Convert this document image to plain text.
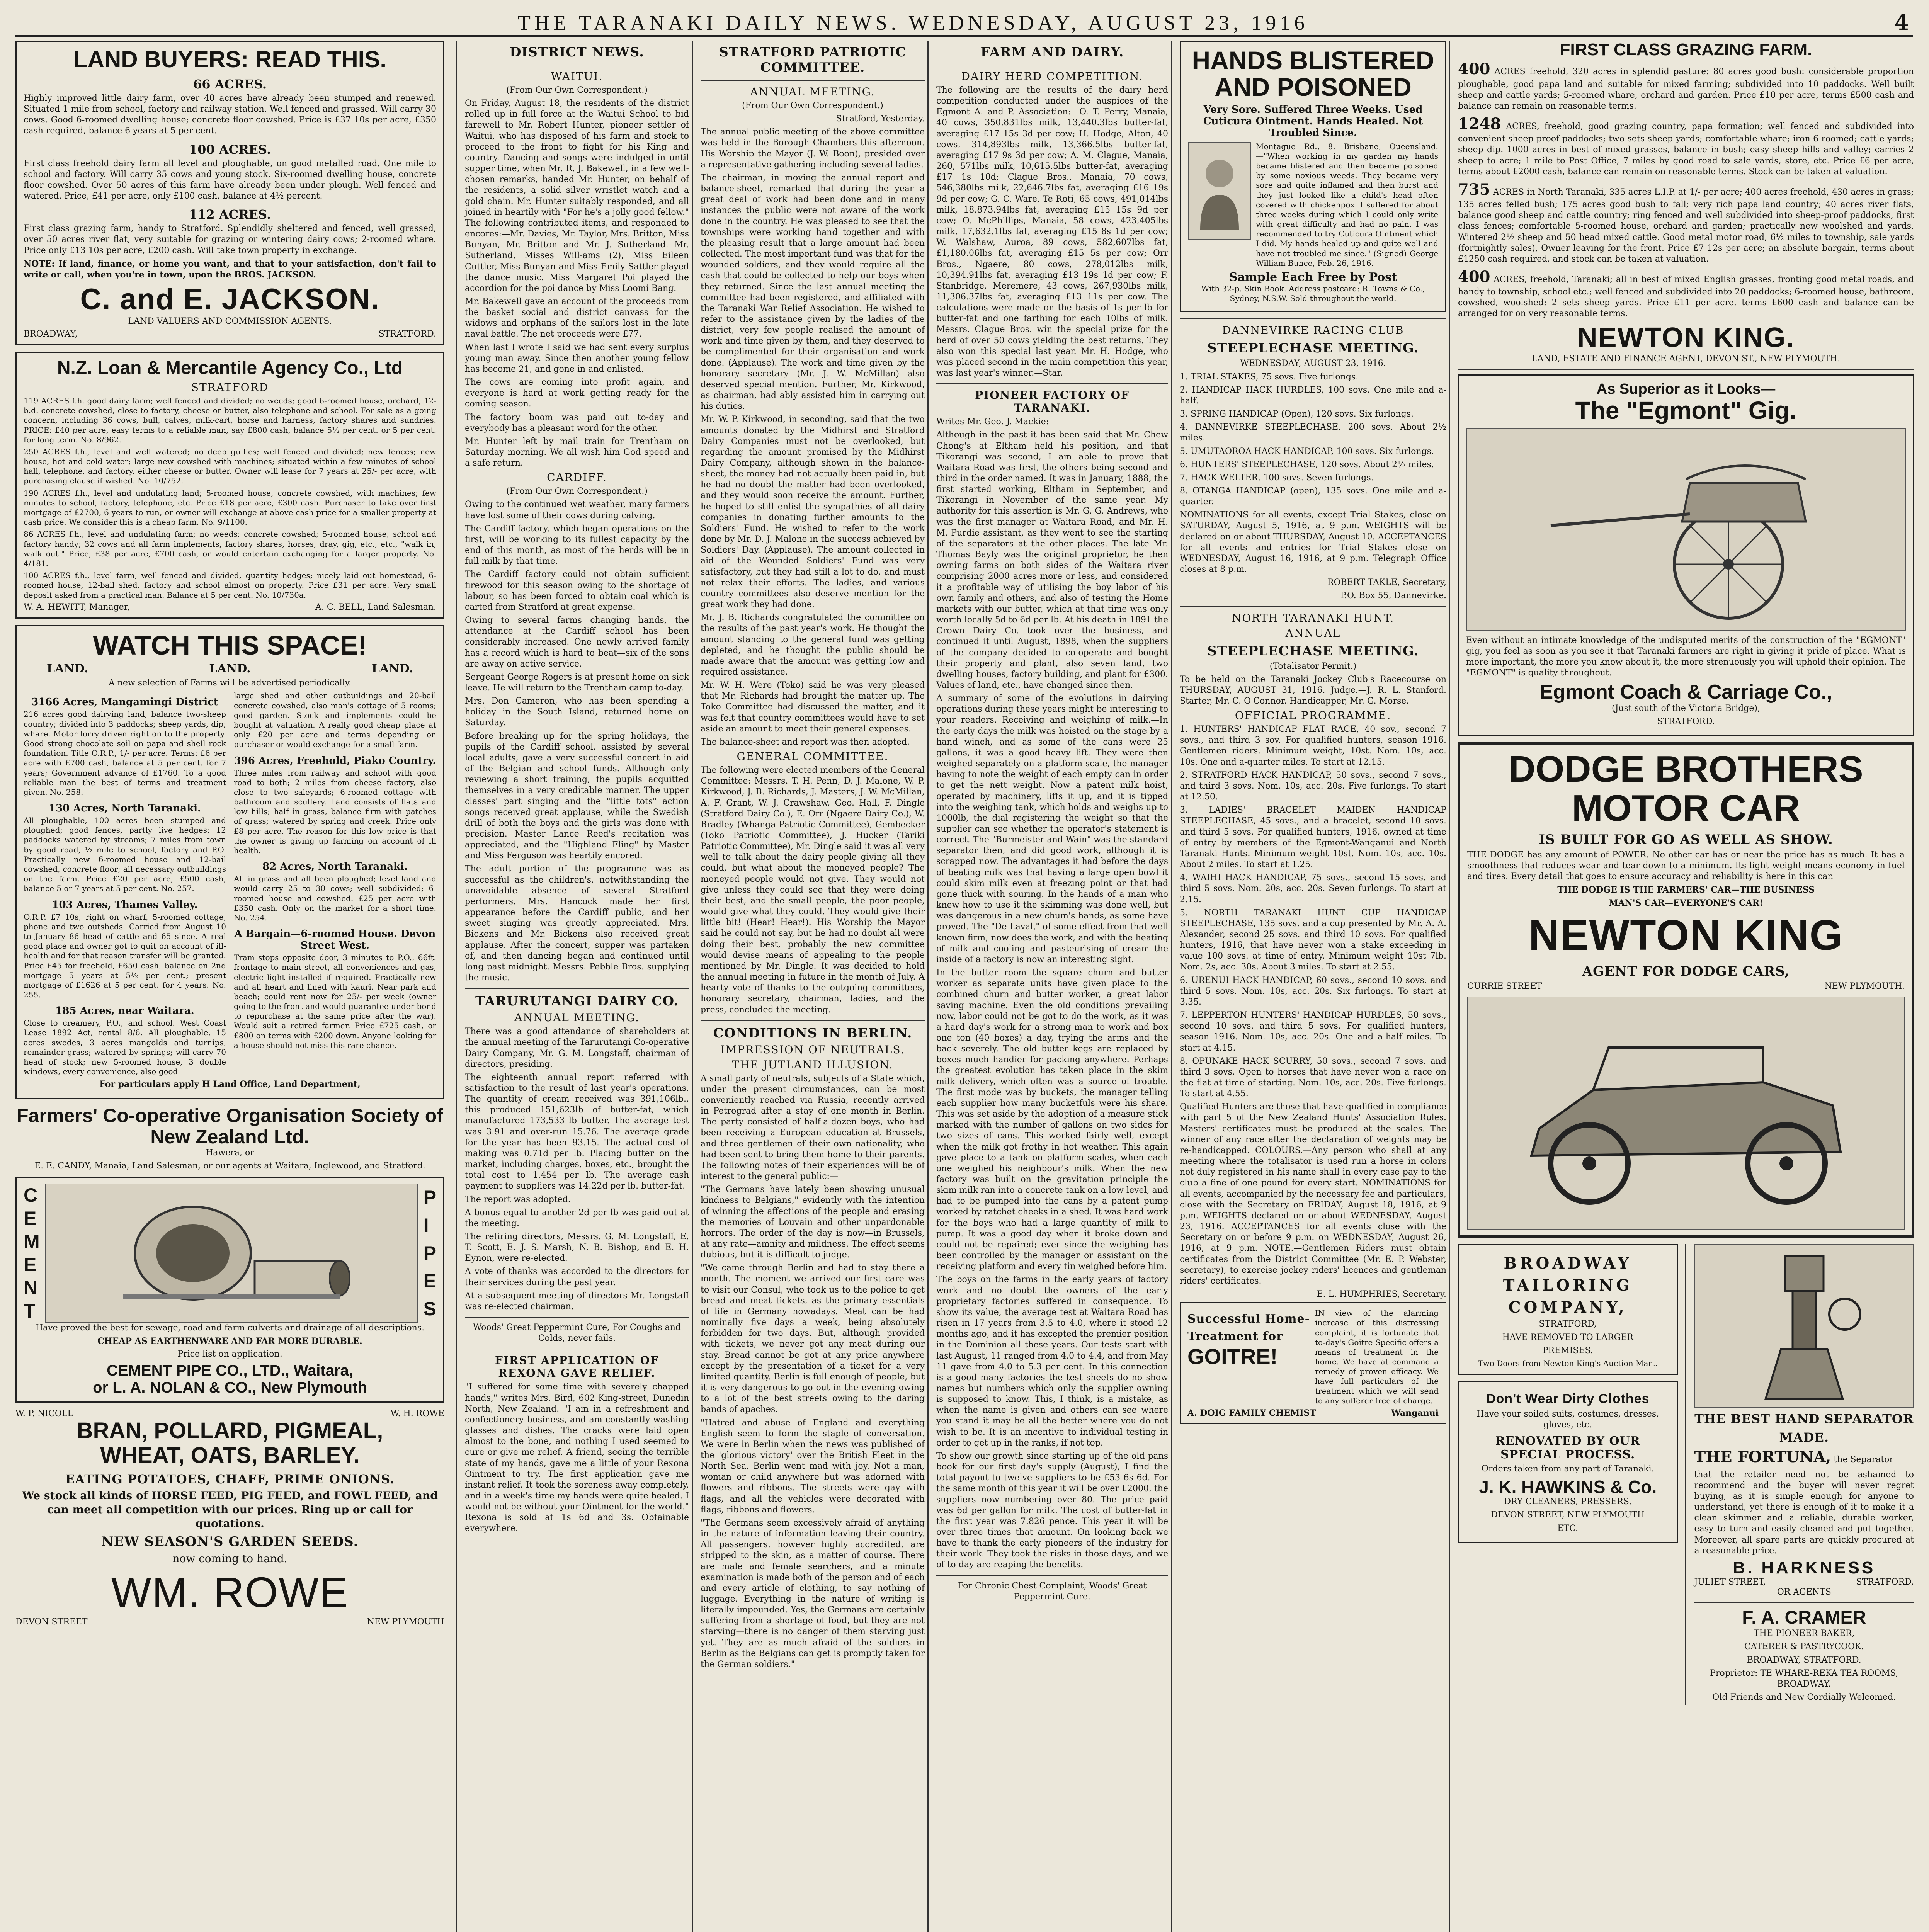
THE TARANAKI DAILY NEWS. WEDNESDAY, AUGUST 23, 1916	4
LAND BUYERS: READ THIS.
66 ACRES.

Highly improved little dairy farm, over 40 acres have already been stumped and renewed. Situated 1 mile from school, factory and railway station. Well fenced and grassed. Will carry 30 cows. Good 6-roomed dwelling house; concrete floor cowshed. Price is £37 10s per acre, £350 cash required, balance 6 years at 5 per cent.

100 ACRES.

First class freehold dairy farm all level and ploughable, on good metalled road. One mile to school and factory. Will carry 35 cows and young stock. Six-roomed dwelling house, concrete floor cowshed. Over 50 acres of this farm have already been under plough. Well fenced and watered. Price, £41 per acre, only £100 cash, balance at 4½ percent.

112 ACRES.

First class grazing farm, handy to Stratford. Splendidly sheltered and fenced, well grassed, over 50 acres river flat, very suitable for grazing or wintering dairy cows; 2-roomed whare. Price only £13 10s per acre, £200 cash. Will take town property in exchange.

NOTE: If land, finance, or home you want, and that to your satisfaction, don't fail to write or call, when you're in town, upon the BROS. JACKSON.

C. and E. JACKSON.
LAND VALUERS AND COMMISSION AGENTS.
BROADWAY,	STRATFORD.
N.Z. Loan & Mercantile Agency Co., Ltd
STRATFORD

119 ACRES f.h. good dairy farm; well fenced and divided; no weeds; good 6-roomed house, orchard, 12-b.d. concrete cowshed, close to factory, cheese or butter, also telephone and school. For sale as a going concern, including 36 cows, bull, calves, milk-cart, horse and harness, factory shares and sundries. PRICE: £40 per acre, easy terms to a reliable man, say £800 cash, balance 5½ per cent. or 5 per cent. for long term. No. 8/962.

250 ACRES f.h., level and well watered; no deep gullies; well fenced and divided; new fences; new house, hot and cold water; large new cowshed with machines; situated within a few minutes of school hall, telephone, and factory, either cheese or butter. Owner will lease for 7 years at 25/- per acre, with purchasing clause if wished. No. 10/752.

190 ACRES f.h., level and undulating land; 5-roomed house, concrete cowshed, with machines; few minutes to school, factory, telephone, etc. Price £18 per acre, £300 cash. Purchaser to take over first mortgage of £2700, 6 years to run, or owner will exchange at above cash price for a smaller property at cash price. We consider this is a cheap farm. No. 9/1100.

86 ACRES f.h., level and undulating farm; no weeds; concrete cowshed; 5-roomed house; school and factory handy; 32 cows and all farm implements, factory shares, horses, dray, gig, etc., etc., "walk in, walk out." Price, £38 per acre, £700 cash, or would entertain exchanging for a larger property. No. 4/181.

100 ACRES f.h., level farm, well fenced and divided, quantity hedges; nicely laid out homestead, 6-roomed house, 12-bail shed, factory and school almost on property. Price £31 per acre. Very small deposit asked from a practical man. Balance at 5 per cent. No. 10/730a.

W. A. HEWITT, Manager,	A. C. BELL, Land Salesman.
WATCH THIS SPACE!
LAND.	LAND.	LAND.
A new selection of Farms will be advertised periodically.
3166 Acres, Mangamingi District

216 acres good dairying land, balance two-sheep country; divided into 3 paddocks; sheep yards, dip; whare. Motor lorry driven right on to the property. Good strong chocolate soil on papa and shell rock foundation. Title O.R.P., 1/- per acre. Terms: £6 per acre with £700 cash, balance at 5 per cent. for 7 years; Government advance of £1760. To a good reliable man the best of terms and treatment given. No. 258.

130 Acres, North Taranaki.

All ploughable, 100 acres been stumped and ploughed; good fences, partly live hedges; 12 paddocks watered by streams; 7 miles from town by good road, ½ mile to school, factory and P.O. Practically new 6-roomed house and 12-bail cowshed, concrete floor; all necessary outbuildings on the farm. Price £20 per acre, £500 cash, balance 5 or 7 years at 5 per cent. No. 257.

103 Acres, Thames Valley.

O.R.P. £7 10s; right on wharf, 5-roomed cottage, phone and two outsheds. Carried from August 10 to January 86 head of cattle and 65 since. A real good place and owner got to quit on account of ill-health and for that reason transfer will be granted. Price £45 for freehold, £650 cash, balance on 2nd mortgage 5 years at 5½ per cent.; present mortgage of £1626 at 5 per cent. for 4 years. No. 255.

185 Acres, near Waitara.

Close to creamery, P.O., and school. West Coast Lease 1892 Act, rental 8/6. All ploughable, 15 acres swedes, 3 acres mangolds and turnips, remainder grass; watered by springs; will carry 70 head of stock; new 5-roomed house, 3 double windows, every convenience, also good

large shed and other outbuildings and 20-bail concrete cowshed, also man's cottage of 5 rooms; good garden. Stock and implements could be bought at valuation. A really good cheap place at only £20 per acre and terms depending on purchaser or would exchange for a small farm.

396 Acres, Freehold, Piako Country.

Three miles from railway and school with good road to both; 2 miles from cheese factory, also close to two saleyards; 6-roomed cottage with bathroom and scullery. Land consists of flats and low hills; half in grass, balance firm with patches of grass; watered by spring and creek. Price only £8 per acre. The reason for this low price is that the owner is giving up farming on account of ill health.

82 Acres, North Taranaki.

All in grass and all been ploughed; level land and would carry 25 to 30 cows; well subdivided; 6-roomed house and cowshed. £25 per acre with £350 cash. Only on the market for a short time. No. 254.

A Bargain—6-roomed House. Devon Street West.

Tram stops opposite door, 3 minutes to P.O., 66ft. frontage to main street, all conveniences and gas, electric light installed if required. Practically new and all heart and lined with kauri. Near park and beach; could rent now for 25/- per week (owner going to the front and would guarantee under bond to repurchase at the same price after the war). Would suit a retired farmer. Price £725 cash, or £800 on terms with £200 down. Anyone looking for a house should not miss this rare chance.

For particulars apply H Land Office, Land Department,
Farmers' Co-operative Organisation Society of New Zealand Ltd.
Hawera, or
E. E. CANDY, Manaia, Land Salesman, or our agents at Waitara, Inglewood, and Stratford.
C
E
M
E
N
T
P
I
P
E
S

Have proved the best for sewage, road and farm culverts and drainage of all descriptions.

CHEAP AS EARTHENWARE AND FAR MORE DURABLE.
Price list on application.
CEMENT PIPE CO., LTD., Waitara,
or L. A. NOLAN & CO., New Plymouth
W. P. NICOLL	W. H. ROWE
BRAN, POLLARD, PIGMEAL,
WHEAT, OATS, BARLEY.
EATING POTATOES, CHAFF, PRIME ONIONS.

We stock all kinds of HORSE FEED, PIG FEED, and FOWL FEED, and can meet all competition with our prices. Ring up or call for quotations.

NEW SEASON'S GARDEN SEEDS.
now coming to hand.
WM. ROWE
DEVON STREET	NEW PLYMOUTH
DISTRICT NEWS.
WAITUI.
(From Our Own Correspondent.)

On Friday, August 18, the residents of the district rolled up in full force at the Waitui School to bid farewell to Mr. Robert Hunter, pioneer settler of Waitui, who has disposed of his farm and stock to proceed to the front to fight for his King and country. Dancing and songs were indulged in until supper time, when Mr. R. J. Bakewell, in a few well-chosen remarks, handed Mr. Hunter, on behalf of the residents, a solid silver wristlet watch and a gold chain. Mr. Hunter suitably responded, and all joined in heartily with "For he's a jolly good fellow." The following contributed items, and responded to encores:—Mr. Davies, Mr. Taylor, Mrs. Britton, Miss Bunyan, Mr. Britton and Mr. J. Sutherland. Mr. Sutherland, Misses Will-ams (2), Miss Eileen Cuttler, Miss Bunyan and Miss Emily Sattler played the dance music. Miss Margaret Poi played the accordion for the poi dance by Miss Loomi Bang.

Mr. Bakewell gave an account of the proceeds from the basket social and district canvass for the widows and orphans of the sailors lost in the late naval battle. The net proceeds were £77.

When last I wrote I said we had sent every surplus young man away. Since then another young fellow has become 21, and gone in and enlisted.

The cows are coming into profit again, and everyone is hard at work getting ready for the coming season.

The factory boom was paid out to-day and everybody has a pleasant word for the other.

Mr. Hunter left by mail train for Trentham on Saturday morning. We all wish him God speed and a safe return.

CARDIFF.
(From Our Own Correspondent.)

Owing to the continued wet weather, many farmers have lost some of their cows during calving.

The Cardiff factory, which began operations on the first, will be working to its fullest capacity by the end of this month, as most of the herds will be in full milk by that time.

The Cardiff factory could not obtain sufficient firewood for this season owing to the shortage of labour, so has been forced to obtain coal which is carted from Stratford at great expense.

Owing to several farms changing hands, the attendance at the Cardiff school has been considerably increased. One newly arrived family has a record which is hard to beat—six of the sons are away on active service.

Sergeant George Rogers is at present home on sick leave. He will return to the Trentham camp to-day.

Mrs. Don Cameron, who has been spending a holiday in the South Island, returned home on Saturday.

Before breaking up for the spring holidays, the pupils of the Cardiff school, assisted by several local adults, gave a very successful concert in aid of the Belgian and school funds. Although only reviewing a short training, the pupils acquitted themselves in a very creditable manner. The upper classes' part singing and the "little tots" action songs received great applause, while the Swedish drill of both the boys and the girls was done with precision. Master Lance Reed's recitation was appreciated, and the "Highland Fling" by Master and Miss Ferguson was heartily encored.

The adult portion of the programme was as successful as the children's, notwithstanding the unavoidable absence of several Stratford performers. Mrs. Hancock made her first appearance before the Cardiff public, and her sweet singing was greatly appreciated. Mrs. Bickens and Mr. Bickens also received great applause. After the concert, supper was partaken of, and then dancing began and continued until long past midnight. Messrs. Pebble Bros. supplying the music.

TARURUTANGI DAIRY CO.
ANNUAL MEETING.

There was a good attendance of shareholders at the annual meeting of the Tarurutangi Co-operative Dairy Company, Mr. G. M. Longstaff, chairman of directors, presiding.

The eighteenth annual report referred with satisfaction to the result of last year's operations. The quantity of cream received was 391,106lb., this produced 151,623lb of butter-fat, which manufactured 173,533 lb butter. The average test was 3.91 and over-run 15.76. The average grade for the year has been 93.15. The actual cost of making was 0.71d per lb. Placing butter on the market, including charges, boxes, etc., brought the total cost to 1.454 per lb. The average cash payment to suppliers was 14.22d per lb. butter-fat.

The report was adopted.

A bonus equal to another 2d per lb was paid out at the meeting.

The retiring directors, Messrs. G. M. Longstaff, E. T. Scott, E. J. S. Marsh, N. B. Bishop, and E. H. Eynon, were re-elected.

A vote of thanks was accorded to the directors for their services during the past year.

At a subsequent meeting of directors Mr. Longstaff was re-elected chairman.

Woods' Great Peppermint Cure, For Coughs and Colds, never fails.
FIRST APPLICATION OF REXONA GAVE RELIEF.

"I suffered for some time with severely chapped hands," writes Mrs. Bird, 602 King-street, Dunedin North, New Zealand. "I am in a refreshment and confectionery business, and am constantly washing glasses and dishes. The cracks were laid open almost to the bone, and nothing I used seemed to cure or give me relief. A friend, seeing the terrible state of my hands, gave me a little of your Rexona Ointment to try. The first application gave me instant relief. It took the soreness away completely, and in a week's time my hands were quite healed. I would not be without your Ointment for the world." Rexona is sold at 1s 6d and 3s. Obtainable everywhere.

STRATFORD PATRIOTIC COMMITTEE.
ANNUAL MEETING.
(From Our Own Correspondent.)
Stratford, Yesterday.

The annual public meeting of the above committee was held in the Borough Chambers this afternoon. His Worship the Mayor (J. W. Boon), presided over a representative gathering including several ladies.

The chairman, in moving the annual report and balance-sheet, remarked that during the year a great deal of work had been done and in many instances the public were not aware of the work done in the country. He was pleased to see that the townships were working hand together and with the pleasing result that a large amount had been collected. The most important fund was that for the wounded soldiers, and they would require all the cash that could be collected to help our boys when they returned. Since the last annual meeting the committee had been registered, and affiliated with the Taranaki War Relief Association. He wished to refer to the assistance given by the ladies of the district, very few people realised the amount of work and time given by them, and they deserved to be complimented for their organisation and work done. (Applause). The work and time given by the honorary secretary (Mr. J. W. McMillan) also deserved special mention. Further, Mr. Kirkwood, as chairman, had ably assisted him in carrying out his duties.

Mr. W. P. Kirkwood, in seconding, said that the two amounts donated by the Midhirst and Stratford Dairy Companies must not be overlooked, but regarding the amount promised by the Midhirst Dairy Company, although shown in the balance-sheet, the money had not actually been paid in, but he had no doubt the matter had been overlooked, and they would soon receive the amount. Further, he hoped to still enlist the sympathies of all dairy companies in donating further amounts to the Soldiers' Fund. He wished to refer to the work done by Mr. D. J. Malone in the success achieved by Soldiers' Day. (Applause). The amount collected in aid of the Wounded Soldiers' Fund was very satisfactory, but they had still a lot to do, and must not relax their efforts. The ladies, and various country committees also deserve mention for the great work they had done.

Mr. J. B. Richards congratulated the committee on the results of the past year's work. He thought the amount standing to the general fund was getting depleted, and he thought the public should be made aware that the amount was getting low and required assistance.

Mr. W. H. Were (Toko) said he was very pleased that Mr. Richards had brought the matter up. The Toko Committee had discussed the matter, and it was felt that country committees would have to set aside an amount to meet their general expenses.

The balance-sheet and report was then adopted.

GENERAL COMMITTEE.

The following were elected members of the General Committee: Messrs. T. H. Penn, D. J. Malone, W. P. Kirkwood, J. B. Richards, J. Masters, J. W. McMillan, A. F. Grant, W. J. Crawshaw, Geo. Hall, F. Dingle (Stratford Dairy Co.), E. Orr (Ngaere Dairy Co.), W. Bradley (Whanga Patriotic Committee), Gembecker (Toko Patriotic Committee), J. Hucker (Tariki Patriotic Committee), Mr. Dingle said it was all very well to talk about the dairy people giving all they could, but what about the moneyed people? The moneyed people would not give. They would not give unless they could see that they were doing their best, and the small people, the poor people, would give what they could. They would give their little bit! (Hear! Hear!). His Worship the Mayor said he could not say, but he had no doubt all were doing their best, probably the new committee would devise means of appealing to the people mentioned by Mr. Dingle. It was decided to hold the annual meeting in future in the month of July. A hearty vote of thanks to the outgoing committees, honorary secretary, chairman, ladies, and the press, concluded the meeting.

CONDITIONS IN BERLIN.
IMPRESSION OF NEUTRALS.
THE JUTLAND ILLUSION.

A small party of neutrals, subjects of a State which, under the present circumstances, can be most conveniently reached via Russia, recently arrived in Petrograd after a stay of one month in Berlin. The party consisted of half-a-dozen boys, who had been receiving a European education at Brussels, and three gentlemen of their own nationality, who had been sent to bring them home to their parents. The following notes of their experiences will be of interest to the general public:—

"The Germans have lately been showing unusual kindness to Belgians," evidently with the intention of winning the affections of the people and erasing the memories of Louvain and other unpardonable horrors. The order of the day is now—in Brussels, at any rate—amnity and mildness. The effect seems dubious, but it is difficult to judge.

"We came through Berlin and had to stay there a month. The moment we arrived our first care was to visit our Consul, who took us to the police to get bread and meat tickets, as the primary essentials of life in Germany nowadays. Meat can be had nominally five days a week, being absolutely forbidden for two days. But, although provided with tickets, we never got any meat during our stay. Bread cannot be got at any price anywhere except by the presentation of a ticket for a very limited quantity. Berlin is full enough of people, but it is very dangerous to go out in the evening owing to a lot of the best streets owing to the daring bands of apaches.

"Hatred and abuse of England and everything English seem to form the staple of conversation. We were in Berlin when the news was published of the 'glorious victory' over the British Fleet in the North Sea. Berlin went mad with joy. Not a man, woman or child anywhere but was adorned with flowers and ribbons. The streets were gay with flags, and all the vehicles were decorated with flags, ribbons and flowers.

"The Germans seem excessively afraid of anything in the nature of information leaving their country. All passengers, however highly accredited, are stripped to the skin, as a matter of course. There are male and female searchers, and a minute examination is made both of the person and of each and every article of clothing, to say nothing of luggage. Everything in the nature of writing is literally impounded. Yes, the Germans are certainly suffering from a shortage of food, but they are not starving—there is no danger of them starving just yet. They are as much afraid of the soldiers in Berlin as the Belgians can get is promptly taken for the German soldiers."

FARM AND DAIRY.
DAIRY HERD COMPETITION.

The following are the results of the dairy herd competition conducted under the auspices of the Egmont A. and P. Association:—O. T. Perry, Manaia, 40 cows, 350,831lbs milk, 13,440.3lbs butter-fat, averaging £17 15s 3d per cow; H. Hodge, Alton, 40 cows, 314,893lbs milk, 13,366.5lbs butter-fat, averaging £17 9s 3d per cow; A. M. Clague, Manaia, 260, 571lbs milk, 10,615.5lbs butter-fat, averaging £17 1s 10d; Clague Bros., Manaia, 70 cows, 546,380lbs milk, 22,646.7lbs fat, averaging £16 19s 9d per cow; G. C. Ware, Te Roti, 65 cows, 491,014lbs milk, 18,873.94lbs fat, averaging £15 15s 9d per cow; O. McPhillips, Manaia, 58 cows, 423,405lbs milk, 17,632.1lbs fat, averaging £15 8s 1d per cow; W. Walshaw, Auroa, 89 cows, 582,607lbs fat, £1,180.06lbs fat, averaging £15 5s per cow; Orr Bros., Ngaere, 80 cows, 278,012lbs milk, 10,394.91lbs fat, averaging £13 19s 1d per cow; F. Stanbridge, Meremere, 43 cows, 267,930lbs milk, 11,306.37lbs fat, averaging £13 11s per cow. The calculations were made on the basis of 1s per lb for butter-fat and one farthing for each 10lbs of milk. Messrs. Clague Bros. win the special prize for the herd of over 50 cows yielding the best returns. They also won this special last year. Mr. H. Hodge, who was placed second in the main competition this year, was last year's winner.—Star.

PIONEER FACTORY OF TARANAKI.
Writes Mr. Geo. J. Mackie:—

Although in the past it has been said that Mr. Chew Chong's at Eltham held his position, and that Tikorangi was second, I am able to prove that Waitara Road was first, the others being second and third in the order named. It was in January, 1888, the first started working, Eltham in September, and Tikorangi in November of the same year. My authority for this assertion is Mr. G. G. Andrews, who was the first manager at Waitara Road, and Mr. H. M. Purdie assistant, as they went to see the starting of the separators at the other places. The late Mr. Thomas Bayly was the original proprietor, he then owning farms on both sides of the Waitara river comprising 2000 acres more or less, and considered it a profitable way of utilising the boy labor of his own family and others, and also of testing the Home markets with our butter, which at that time was only worth locally 5d to 6d per lb. At his death in 1891 the Crown Dairy Co. took over the business, and continued it until August, 1898, when the suppliers of the company decided to co-operate and bought their property and plant, also seven land, two dwelling houses, factory building, and plant for £300. Values of land, etc., have changed since then.

A summary of some of the evolutions in dairying operations during these years might be interesting to your readers. Receiving and weighing of milk.—In the early days the milk was hoisted on the stage by a hand winch, and as some of the cans were 25 gallons, it was a good heavy lift. They were then weighed separately on a platform scale, the manager having to note the weight of each empty can in order to get the nett weight. Now a patent milk hoist, operated by machinery, lifts it up, and it is tipped into the weighing tank, which holds and weighs up to 1000lb, the dial registering the weight so that the supplier can see whether the operator's statement is correct. The "Burmeister and Wain" was the standard separator then, and did good work, although it is scrapped now. The advantages it had before the days of beating milk was that having a large open bowl it could skim milk even at freezing point or that had gone thick with souring. In the hands of a man who knew how to use it the skimming was done well, but was dangerous in a new chum's hands, as some have proved. The "De Laval," of some effect from that well known firm, now does the work, and with the heating of milk and cooling and pasteurising of cream the inside of a factory is now an interesting sight.

In the butter room the square churn and butter worker as separate units have given place to the combined churn and butter worker, a great labor saving machine. Even the old conditions prevailing now, labor could not be got to do the work, as it was a hard day's work for a strong man to work and box one ton (40 boxes) a day, trying the arms and the back severely. The old butter kegs are replaced by boxes much handier for packing anywhere. Perhaps the greatest evolution has taken place in the skim milk delivery, which often was a source of trouble. The first mode was by buckets, the manager telling each supplier how many bucketfuls were his share. This was set aside by the adoption of a measure stick marked with the number of gallons on two sides for two sizes of cans. This worked fairly well, except when the milk got frothy in hot weather. This again gave place to a tank on platform scales, when each one weighed his neighbour's milk. When the new factory was built on the gravitation principle the skim milk ran into a concrete tank on a low level, and had to be pumped into the cans by a patent pump worked by ratchet cheeks in a shed. It was hard work for the boys who had a large quantity of milk to pump. It was a good day when it broke down and could not be repaired; ever since the weighing has been controlled by the manager or assistant on the receiving platform and every tin weighed before him.

The boys on the farms in the early years of factory work and no doubt the owners of the early proprietary factories suffered in consequence. To show its value, the average test at Waitara Road has risen in 17 years from 3.5 to 4.0, where it stood 12 months ago, and it has excepted the premier position in the Dominion all these years. Our tests start with last August, 11 ranged from 4.0 to 4.4, and from May 11 gave from 4.0 to 5.3 per cent. In this connection is a good many factories the test sheets do no show names but numbers which only the supplier owning is supposed to know. This, I think, is a mistake, as when the name is given and others can see where you stand it may be all the better where you do not wish to be. It is an incentive to individual testing in order to get up in the ranks, if not top.

To show our growth since starting up of the old pans book for our first day's supply (August), I find the total payout to twelve suppliers to be £53 6s 6d. For the same month of this year it will be over £2000, the suppliers now numbering over 80. The price paid was 6d per gallon for milk. The cost of butter-fat in the first year was 7.826 pence. This year it will be over three times that amount. On looking back we have to thank the early pioneers of the industry for their work. They took the risks in those days, and we of to-day are reaping the benefits.

For Chronic Chest Complaint, Woods' Great Peppermint Cure.
HANDS BLISTERED
AND POISONED
Very Sore. Suffered Three Weeks. Used Cuticura Ointment. Hands Healed. Not Troubled Since.

Montague Rd., 8. Brisbane, Queensland.—"When working in my garden my hands became blistered and then became poisoned by some noxious weeds. They became very sore and quite inflamed and then burst and they just looked like a child's head often covered with chickenpox. I suffered for about three weeks during which I could only write with great difficulty and had no pain. I was recommended to try Cuticura Ointment which I did. My hands healed up and quite well and have not troubled me since." (Signed) George William Bunce, Feb. 26, 1916.

Sample Each Free by Post

With 32-p. Skin Book. Address postcard: R. Towns & Co., Sydney, N.S.W. Sold throughout the world.

DANNEVIRKE RACING CLUB
STEEPLECHASE MEETING.
WEDNESDAY, AUGUST 23, 1916.

1. TRIAL STAKES, 75 sovs. Five furlongs.

2. HANDICAP HACK HURDLES, 100 sovs. One mile and a-half.

3. SPRING HANDICAP (Open), 120 sovs. Six furlongs.

4. DANNEVIRKE STEEPLECHASE, 200 sovs. About 2½ miles.

5. UMUTAOROA HACK HANDICAP, 100 sovs. Six furlongs.

6. HUNTERS' STEEPLECHASE, 120 sovs. About 2½ miles.

7. HACK WELTER, 100 sovs. Seven furlongs.

8. OTANGA HANDICAP (open), 135 sovs. One mile and a-quarter.

NOMINATIONS for all events, except Trial Stakes, close on SATURDAY, August 5, 1916, at 9 p.m. WEIGHTS will be declared on or about THURSDAY, August 10. ACCEPTANCES for all events and entries for Trial Stakes close on WEDNESDAY, August 16, 1916, at 9 p.m. Telegraph Office closes at 8 p.m.

ROBERT TAKLE, Secretary,
P.O. Box 55, Dannevirke.
NORTH TARANAKI HUNT.
ANNUAL
STEEPLECHASE MEETING.
(Totalisator Permit.)

To be held on the Taranaki Jockey Club's Racecourse on THURSDAY, AUGUST 31, 1916. Judge.—J. R. L. Stanford. Starter, Mr. C. O'Connor. Handicapper, Mr. G. Morse.

OFFICIAL PROGRAMME.

1. HUNTERS' HANDICAP FLAT RACE, 40 sov., second 7 sovs., and third 3 sov. For qualified hunters, season 1916. Gentlemen riders. Minimum weight, 10st. Nom. 10s, acc. 10s. One and a-quarter miles. To start at 12.15.

2. STRATFORD HACK HANDICAP, 50 sovs., second 7 sovs., and third 3 sovs. Nom. 10s, acc. 20s. Five furlongs. To start at 12.50.

3. LADIES' BRACELET MAIDEN HANDICAP STEEPLECHASE, 45 sovs., and a bracelet, second 10 sovs. and third 5 sovs. For qualified hunters, 1916, owned at time of entry by members of the Egmont-Wanganui and North Taranaki Hunts. Minimum weight 10st. Nom. 10s, acc. 10s. About 2 miles. To start at 1.25.

4. WAIHI HACK HANDICAP, 75 sovs., second 15 sovs. and third 5 sovs. Nom. 20s, acc. 20s. Seven furlongs. To start at 2.15.

5. NORTH TARANAKI HUNT CUP HANDICAP STEEPLECHASE, 135 sovs. and a cup presented by Mr. A. A. Alexander, second 25 sovs. and third 10 sovs. For qualified hunters, 1916, that have never won a stake exceeding in value 100 sovs. at time of entry. Minimum weight 10st 7lb. Nom. 2s, acc. 30s. About 3 miles. To start at 2.55.

6. URENUI HACK HANDICAP, 60 sovs., second 10 sovs. and third 5 sovs. Nom. 10s, acc. 20s. Six furlongs. To start at 3.35.

7. LEPPERTON HUNTERS' HANDICAP HURDLES, 50 sovs., second 10 sovs. and third 5 sovs. For qualified hunters, season 1916. Nom. 10s, acc. 20s. One and a-half miles. To start at 4.15.

8. OPUNAKE HACK SCURRY, 50 sovs., second 7 sovs. and third 3 sovs. Open to horses that have never won a race on the flat at time of starting. Nom. 10s, acc. 20s. Five furlongs. To start at 4.55.

Qualified Hunters are those that have qualified in compliance with part 5 of the New Zealand Hunts' Association Rules. Masters' certificates must be produced at the scales. The winner of any race after the declaration of weights may be re-handicapped. COLOURS.—Any person who shall at any meeting where the totalisator is used run a horse in colors not duly registered in his name shall in every case pay to the club a fine of one pound for every start. NOMINATIONS for all events, accompanied by the necessary fee and particulars, close with the Secretary on FRIDAY, August 18, 1916, at 9 p.m. WEIGHTS declared on or about WEDNESDAY, August 23, 1916. ACCEPTANCES for all events close with the Secretary on or before 9 p.m. on WEDNESDAY, August 26, 1916, at 9 p.m. NOTE.—Gentlemen Riders must obtain certificates from the District Committee (Mr. E. P. Webster, secretary), to exercise jockey riders' licences and gentleman riders' certificates.

E. L. HUMPHRIES, Secretary.
Successful Home-
Treatment for
GOITRE!

IN view of the alarming increase of this distressing complaint, it is fortunate that to-day's Goitre Specific offers a means of treatment in the home. We have at command a remedy of proven efficacy. We have full particulars of the treatment which we will send to any sufferer free of charge.

A. DOIG FAMILY CHEMIST	Wanganui
FIRST CLASS GRAZING FARM.

400 ACRES freehold, 320 acres in splendid pasture: 80 acres good bush: considerable proportion ploughable, good papa land and suitable for mixed farming; subdivided into 10 paddocks. Well built sheep and cattle yards; 5-roomed whare, orchard and garden. Price £10 per acre, terms £500 cash and balance can remain on reasonable terms.

1248 ACRES, freehold, good grazing country, papa formation; well fenced and subdivided into convenient sheep-proof paddocks; two sets sheep yards; comfortable whare; iron 6-roomed; cattle yards; sheep dip. 1000 acres in best of mixed grasses, balance in bush; easy sheep hills and valley; carries 2 sheep to acre; 1 mile to Post Office, 7 miles by good road to sale yards, store, etc. Price £6 per acre, terms about £2000 cash, balance can remain on reasonable terms. Stock can be taken at valuation.

735 ACRES in North Taranaki, 335 acres L.I.P. at 1/- per acre; 400 acres freehold, 430 acres in grass; 135 acres felled bush; 175 acres good bush to fall; very rich papa land country; 40 acres river flats, balance good sheep and cattle country; ring fenced and well subdivided into sheep-proof paddocks, first class fences; comfortable 5-roomed house, orchard and garden; practically new woolshed and yards. Wintered 2½ sheep and 50 head mixed cattle. Good metal motor road, 6½ miles to township, sale yards (fortnightly sales), Owner leaving for the front. Price £7 12s per acre; an absolute bargain, terms about £1250 cash required, and stock can be taken at valuation.

400 ACRES, freehold, Taranaki; all in best of mixed English grasses, fronting good metal roads, and handy to township, school etc.; well fenced and subdivided into 20 paddocks; 6-roomed house, bathroom, cowshed, woolshed; 2 sets sheep yards. Price £11 per acre, terms £600 cash and balance can be arranged for on very reasonable terms.

NEWTON KING.
LAND, ESTATE AND FINANCE AGENT, DEVON ST., NEW PLYMOUTH.
As Superior as it Looks—
The "Egmont" Gig.

Even without an intimate knowledge of the undisputed merits of the construction of the "EGMONT" gig, you feel as soon as you see it that Taranaki farmers are right in giving it pride of place. What is more important, the more you know about it, the more strenuously you will uphold their opinion. The "EGMONT" is quality throughout.

Egmont Coach & Carriage Co.,
(Just south of the Victoria Bridge),
STRATFORD.
DODGE BROTHERS
MOTOR CAR
IS BUILT FOR GO AS WELL AS SHOW.

THE DODGE has any amount of POWER. No other car has or near the price has as much. It has a smoothness that reduces wear and tear down to a minimum. Its light weight means economy in fuel and tires. Every detail that goes to ensure accuracy and reliability is here in this car.

THE DODGE IS THE FARMERS' CAR—THE BUSINESS
MAN'S CAR—EVERYONE'S CAR!
NEWTON KING
AGENT FOR DODGE CARS,
CURRIE STREET	NEW PLYMOUTH.
BROADWAY
TAILORING
COMPANY,
STRATFORD,
HAVE REMOVED TO LARGER
PREMISES.
Two Doors from Newton King's Auction Mart.
Don't Wear Dirty Clothes
Have your soiled suits, costumes, dresses, gloves, etc.
RENOVATED BY OUR SPECIAL PROCESS.
Orders taken from any part of Taranaki.
J. K. HAWKINS & Co.
DRY CLEANERS, PRESSERS,
DEVON STREET, NEW PLYMOUTH
ETC.
THE BEST HAND SEPARATOR
MADE.
THE FORTUNA, the Separator

that the retailer need not be ashamed to recommend and the buyer will never regret buying, as it is simple enough for anyone to understand, yet there is enough of it to make it a clean skimmer and a reliable, durable worker, easy to turn and easily cleaned and put together. Moreover, all spare parts are quickly procured at a reasonable price.

B. HARKNESS
JULIET STREET,	STRATFORD,
OR AGENTS
F. A. CRAMER
THE PIONEER BAKER,
CATERER & PASTRYCOOK.
BROADWAY, STRATFORD.
Proprietor: TE WHARE-REKA TEA ROOMS, BROADWAY.
Old Friends and New Cordially Welcomed.
